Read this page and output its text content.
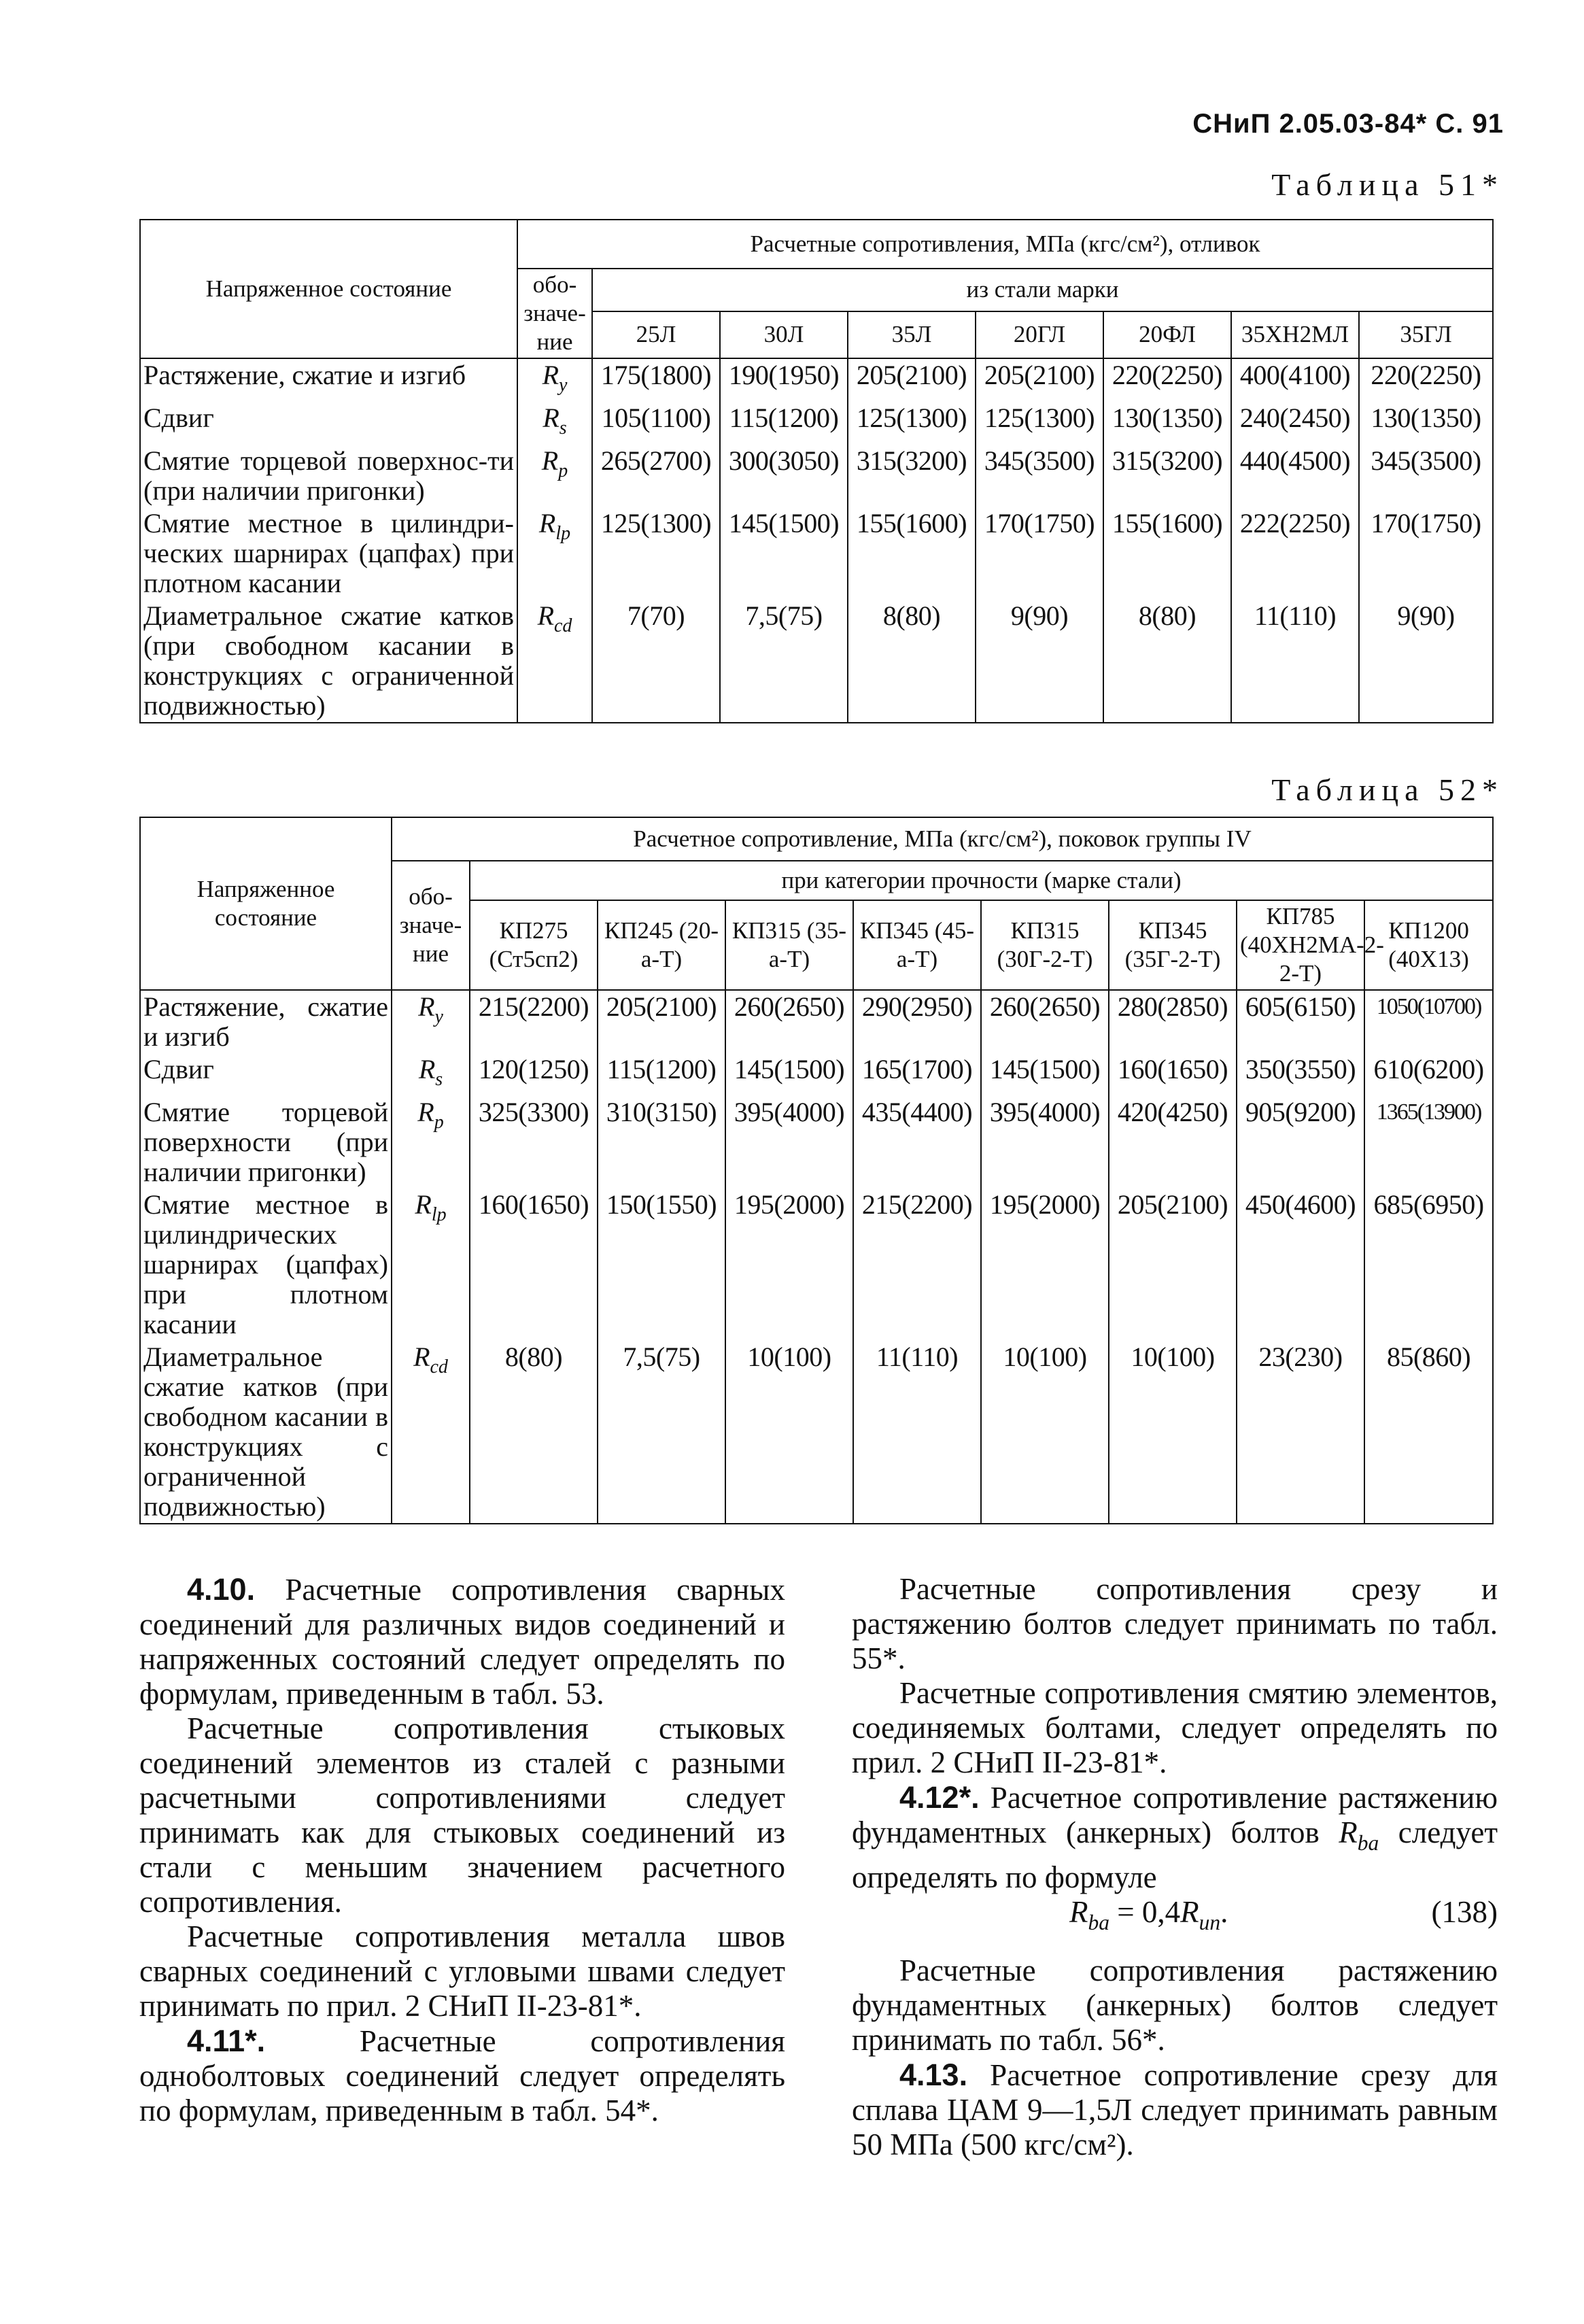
СНиП 2.05.03-84* С. 91
Таблица 51*
Напряженное состояние	Расчетные сопротивления, МПа (кгс/см²), отливок							
	обо-значе-ние	из стали марки						
		25Л	30Л	35Л	20ГЛ	20ФЛ	35ХН2МЛ	35ГЛ
Растяжение, сжатие и изгиб	$R_y$	175(1800)	190(1950)	205(2100)	205(2100)	220(2250)	400(4100)	220(2250)
Сдвиг	$R_s$	105(1100)	115(1200)	125(1300)	125(1300)	130(1350)	240(2450)	130(1350)
Смятие торцевой поверхнос-ти (при наличии пригонки)	$R_p$	265(2700)	300(3050)	315(3200)	345(3500)	315(3200)	440(4500)	345(3500)
Смятие местное в цилиндри-ческих шарнирах (цапфах) при плотном касании	$R_{lp}$	125(1300)	145(1500)	155(1600)	170(1750)	155(1600)	222(2250)	170(1750)
Диаметральное сжатие катков (при свободном касании в конструкциях с ограниченной подвижностью)	$R_{cd}$	7(70)	7,5(75)	8(80)	9(90)	8(80)	11(110)	9(90)
Таблица 52*
Напряженное состояние	Расчетное сопротивление, МПа (кгс/см²), поковок группы IV								
	обо-значе-ние	при категории прочности (марке стали)							
		КП275 (Ст5сп2)	КП245 (20-а-Т)	КП315 (35-а-Т)	КП345 (45-а-Т)	КП315 (30Г-2-Т)	КП345 (35Г-2-Т)	КП785 (40ХН2МА-2-2-Т)	КП1200 (40Х13)
Растяжение, сжатие и изгиб	$R_y$	215(2200)	205(2100)	260(2650)	290(2950)	260(2650)	280(2850)	605(6150)	1050(10700)
Сдвиг	$R_s$	120(1250)	115(1200)	145(1500)	165(1700)	145(1500)	160(1650)	350(3550)	610(6200)
Смятие торцевой поверхности (при наличии пригонки)	$R_p$	325(3300)	310(3150)	395(4000)	435(4400)	395(4000)	420(4250)	905(9200)	1365(13900)
Смятие местное в цилиндрических шарнирах (цапфах) при плотном касании	$R_{lp}$	160(1650)	150(1550)	195(2000)	215(2200)	195(2000)	205(2100)	450(4600)	685(6950)
Диаметральное сжатие катков (при свободном касании в конструкциях с ограниченной подвижностью)	$R_{cd}$	8(80)	7,5(75)	10(100)	11(110)	10(100)	10(100)	23(230)	85(860)

4.10. Расчетные сопротивления сварных соединений для различных видов соединений и напряженных состояний следует определять по формулам, приведенным в табл. 53.

Расчетные сопротивления стыковых соединений элементов из сталей с разными расчетными сопротивлениями следует принимать как для стыковых соединений из стали с меньшим значением расчетного сопротивления.

Расчетные сопротивления металла швов сварных соединений с угловыми швами следует принимать по прил. 2 СНиП II-23-81*.

4.11*. Расчетные сопротивления одноболтовых соединений следует определять по формулам, приведенным в табл. 54*.

Расчетные сопротивления срезу и растяжению болтов следует принимать по табл. 55*.

Расчетные сопротивления смятию элементов, соединяемых болтами, следует определять по прил. 2 СНиП II-23-81*.

4.12*. Расчетное сопротивление растяжению фундаментных (анкерных) болтов $R_{ba}$ следует определять по формуле

$R_{ba} = 0,4R_{un}$.	(138)

Расчетные сопротивления растяжению фундаментных (анкерных) болтов следует принимать по табл. 56*.

4.13. Расчетное сопротивление срезу для сплава ЦАМ 9—1,5Л следует принимать равным 50 МПа (500 кгс/см²).
